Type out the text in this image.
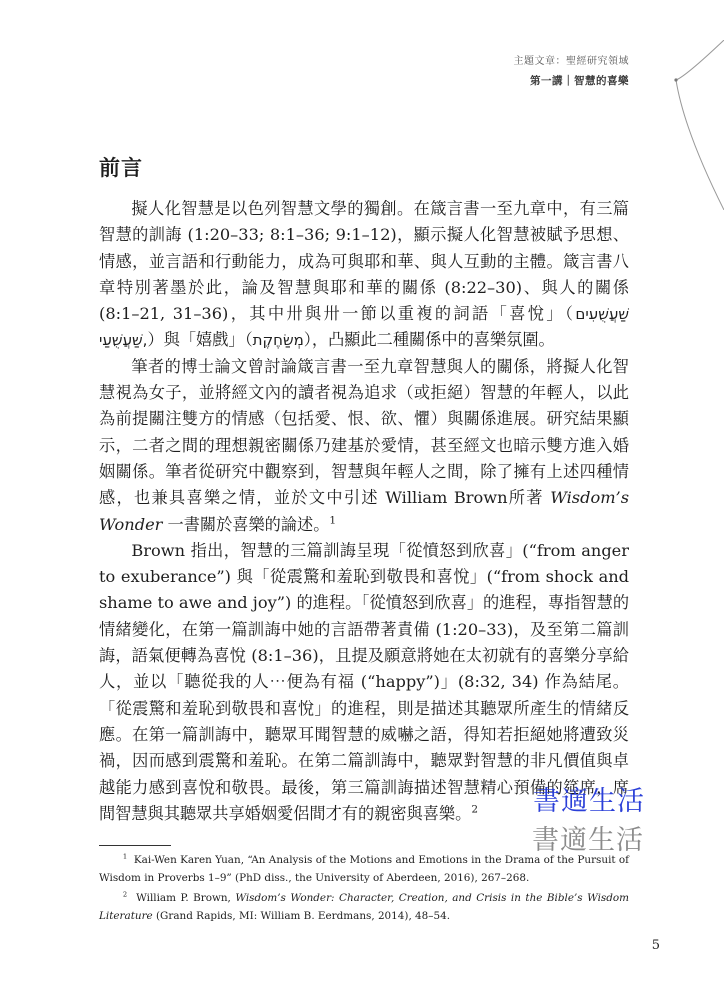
主題文章：聖經研究領域
第一講｜智慧的喜樂
前言

擬人化智慧是以色列智慧文學的獨創。在箴言書一至九章中，有三篇智慧的訓誨 (1:20–33; 8:1–36; 9:1–12)，顯示擬人化智慧被賦予思想、情感，並言語和行動能力，成為可與耶和華、與人互動的主體。箴言書八章特別著墨於此，論及智慧與耶和華的關係 (8:22–30)、與人的關係 (8:1–21, 31–36)，其中卅與卅一節以重複的詞語「喜悅」（שַׁעֲשֻׁעִים ,שַׁעֲשֻׁעַי）與「嬉戲」（מְשַׂחֶקֶת），凸顯此二種關係中的喜樂氛圍。

筆者的博士論文曾討論箴言書一至九章智慧與人的關係，將擬人化智慧視為女子，並將經文內的讀者視為追求（或拒絕）智慧的年輕人，以此為前提關注雙方的情感（包括愛、恨、欲、懼）與關係進展。研究結果顯示，二者之間的理想親密關係乃建基於愛情，甚至經文也暗示雙方進入婚姻關係。筆者從研究中觀察到，智慧與年輕人之間，除了擁有上述四種情感，也兼具喜樂之情，並於文中引述 William Brown所著 Wisdom’s Wonder 一書關於喜樂的論述。$^1$

Brown 指出，智慧的三篇訓誨呈現「從憤怒到欣喜」(“from anger to exuberance”) 與「從震驚和羞恥到敬畏和喜悅」(“from shock and shame to awe and joy”) 的進程。「從憤怒到欣喜」的進程，專指智慧的情緒變化，在第一篇訓誨中她的言語帶著責備 (1:20–33)，及至第二篇訓誨，語氣便轉為喜悅 (8:1–36)，且提及願意將她在太初就有的喜樂分享給人，並以「聽從我的人⋯便為有福 (“happy”)」(8:32, 34) 作為結尾。「從震驚和羞恥到敬畏和喜悅」的進程，則是描述其聽眾所產生的情緒反應。在第一篇訓誨中，聽眾耳聞智慧的威嚇之語，得知若拒絕她將遭致災禍，因而感到震驚和羞恥。在第二篇訓誨中，聽眾對智慧的非凡價值與卓越能力感到喜悅和敬畏。最後，第三篇訓誨描述智慧精心預備的筵席，席間智慧與其聽眾共享婚姻愛侶間才有的親密與喜樂。$^2$	書適生活
書適生活

$^1$ Kai-Wen Karen Yuan, “An Analysis of the Motions and Emotions in the Drama of the Pursuit of Wisdom in Proverbs 1–9” (PhD diss., the University of Aberdeen, 2016), 267–268.

$^2$ William P. Brown, Wisdom’s Wonder: Character, Creation, and Crisis in the Bible’s Wisdom Literature (Grand Rapids, MI: William B. Eerdmans, 2014), 48–54.

5
